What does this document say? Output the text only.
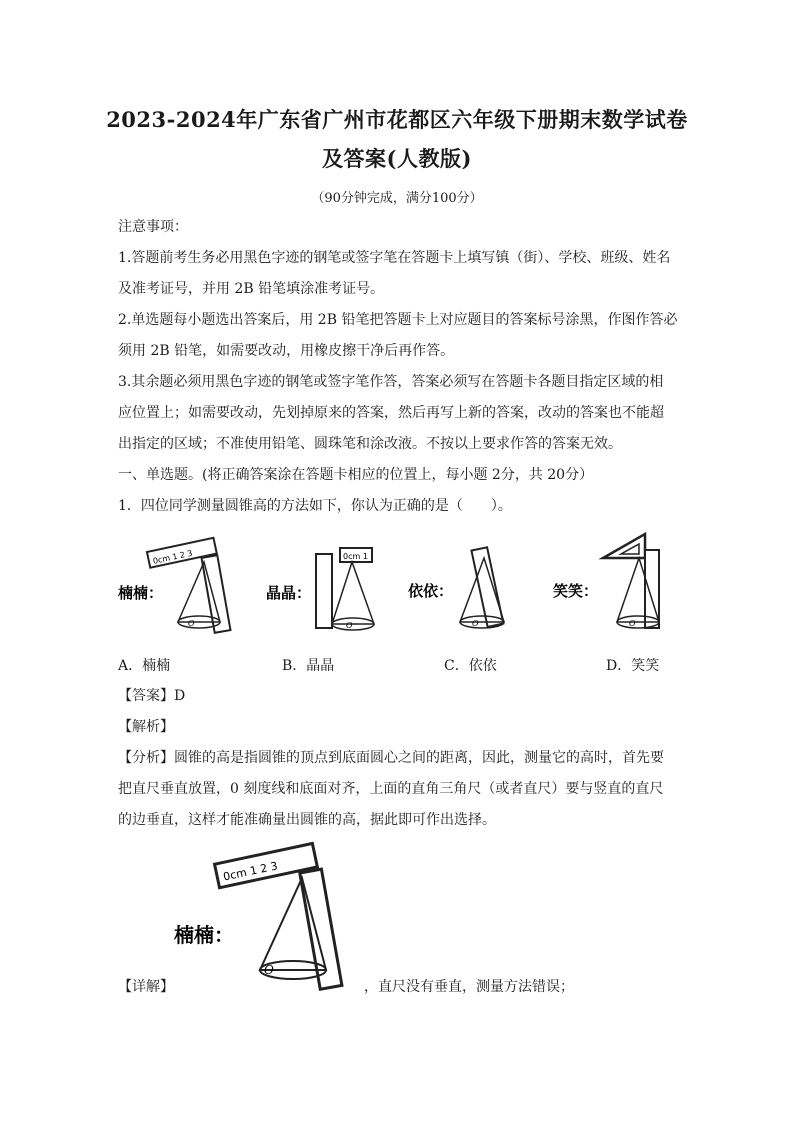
2023-2024年广东省广州市花都区六年级下册期末数学试卷
及答案(人教版)
（90分钟完成，满分100分）
注意事项：
1.答题前考生务必用黑色字迹的钢笔或签字笔在答题卡上填写镇（街）、学校、班级、姓名
及准考证号，并用 2B 铅笔填涂准考证号。
2.单选题每小题选出答案后，用 2B 铅笔把答题卡上对应题目的答案标号涂黑，作图作答必
须用 2B 铅笔，如需要改动，用橡皮擦干净后再作答。
3.其余题必须用黑色字迹的钢笔或签字笔作答，答案必须写在答题卡各题目指定区域的相
应位置上；如需要改动，先划掉原来的答案，然后再写上新的答案，改动的答案也不能超
出指定的区域；不准使用铅笔、圆珠笔和涂改液。不按以上要求作答的答案无效。
一、单选题。(将正确答案涂在答题卡相应的位置上，每小题 2分，共 20分）
1．四位同学测量圆锥高的方法如下，你认为正确的是（　　）。
楠楠：
0cm 1 2 3
O
晶晶：
0cm 1
O
依依：
O
笑笑：
O
A．楠楠	B．晶晶	C．依依	D．笑笑
【答案】D
【解析】
【分析】圆锥的高是指圆锥的顶点到底面圆心之间的距离，因此，测量它的高时，首先要
把直尺垂直放置，0 刻度线和底面对齐，上面的直角三角尺（或者直尺）要与竖直的直尺
的边垂直，这样才能准确量出圆锥的高，据此即可作出选择。
楠楠：
0cm 1 2 3
O
【详解】	，直尺没有垂直，测量方法错误；
